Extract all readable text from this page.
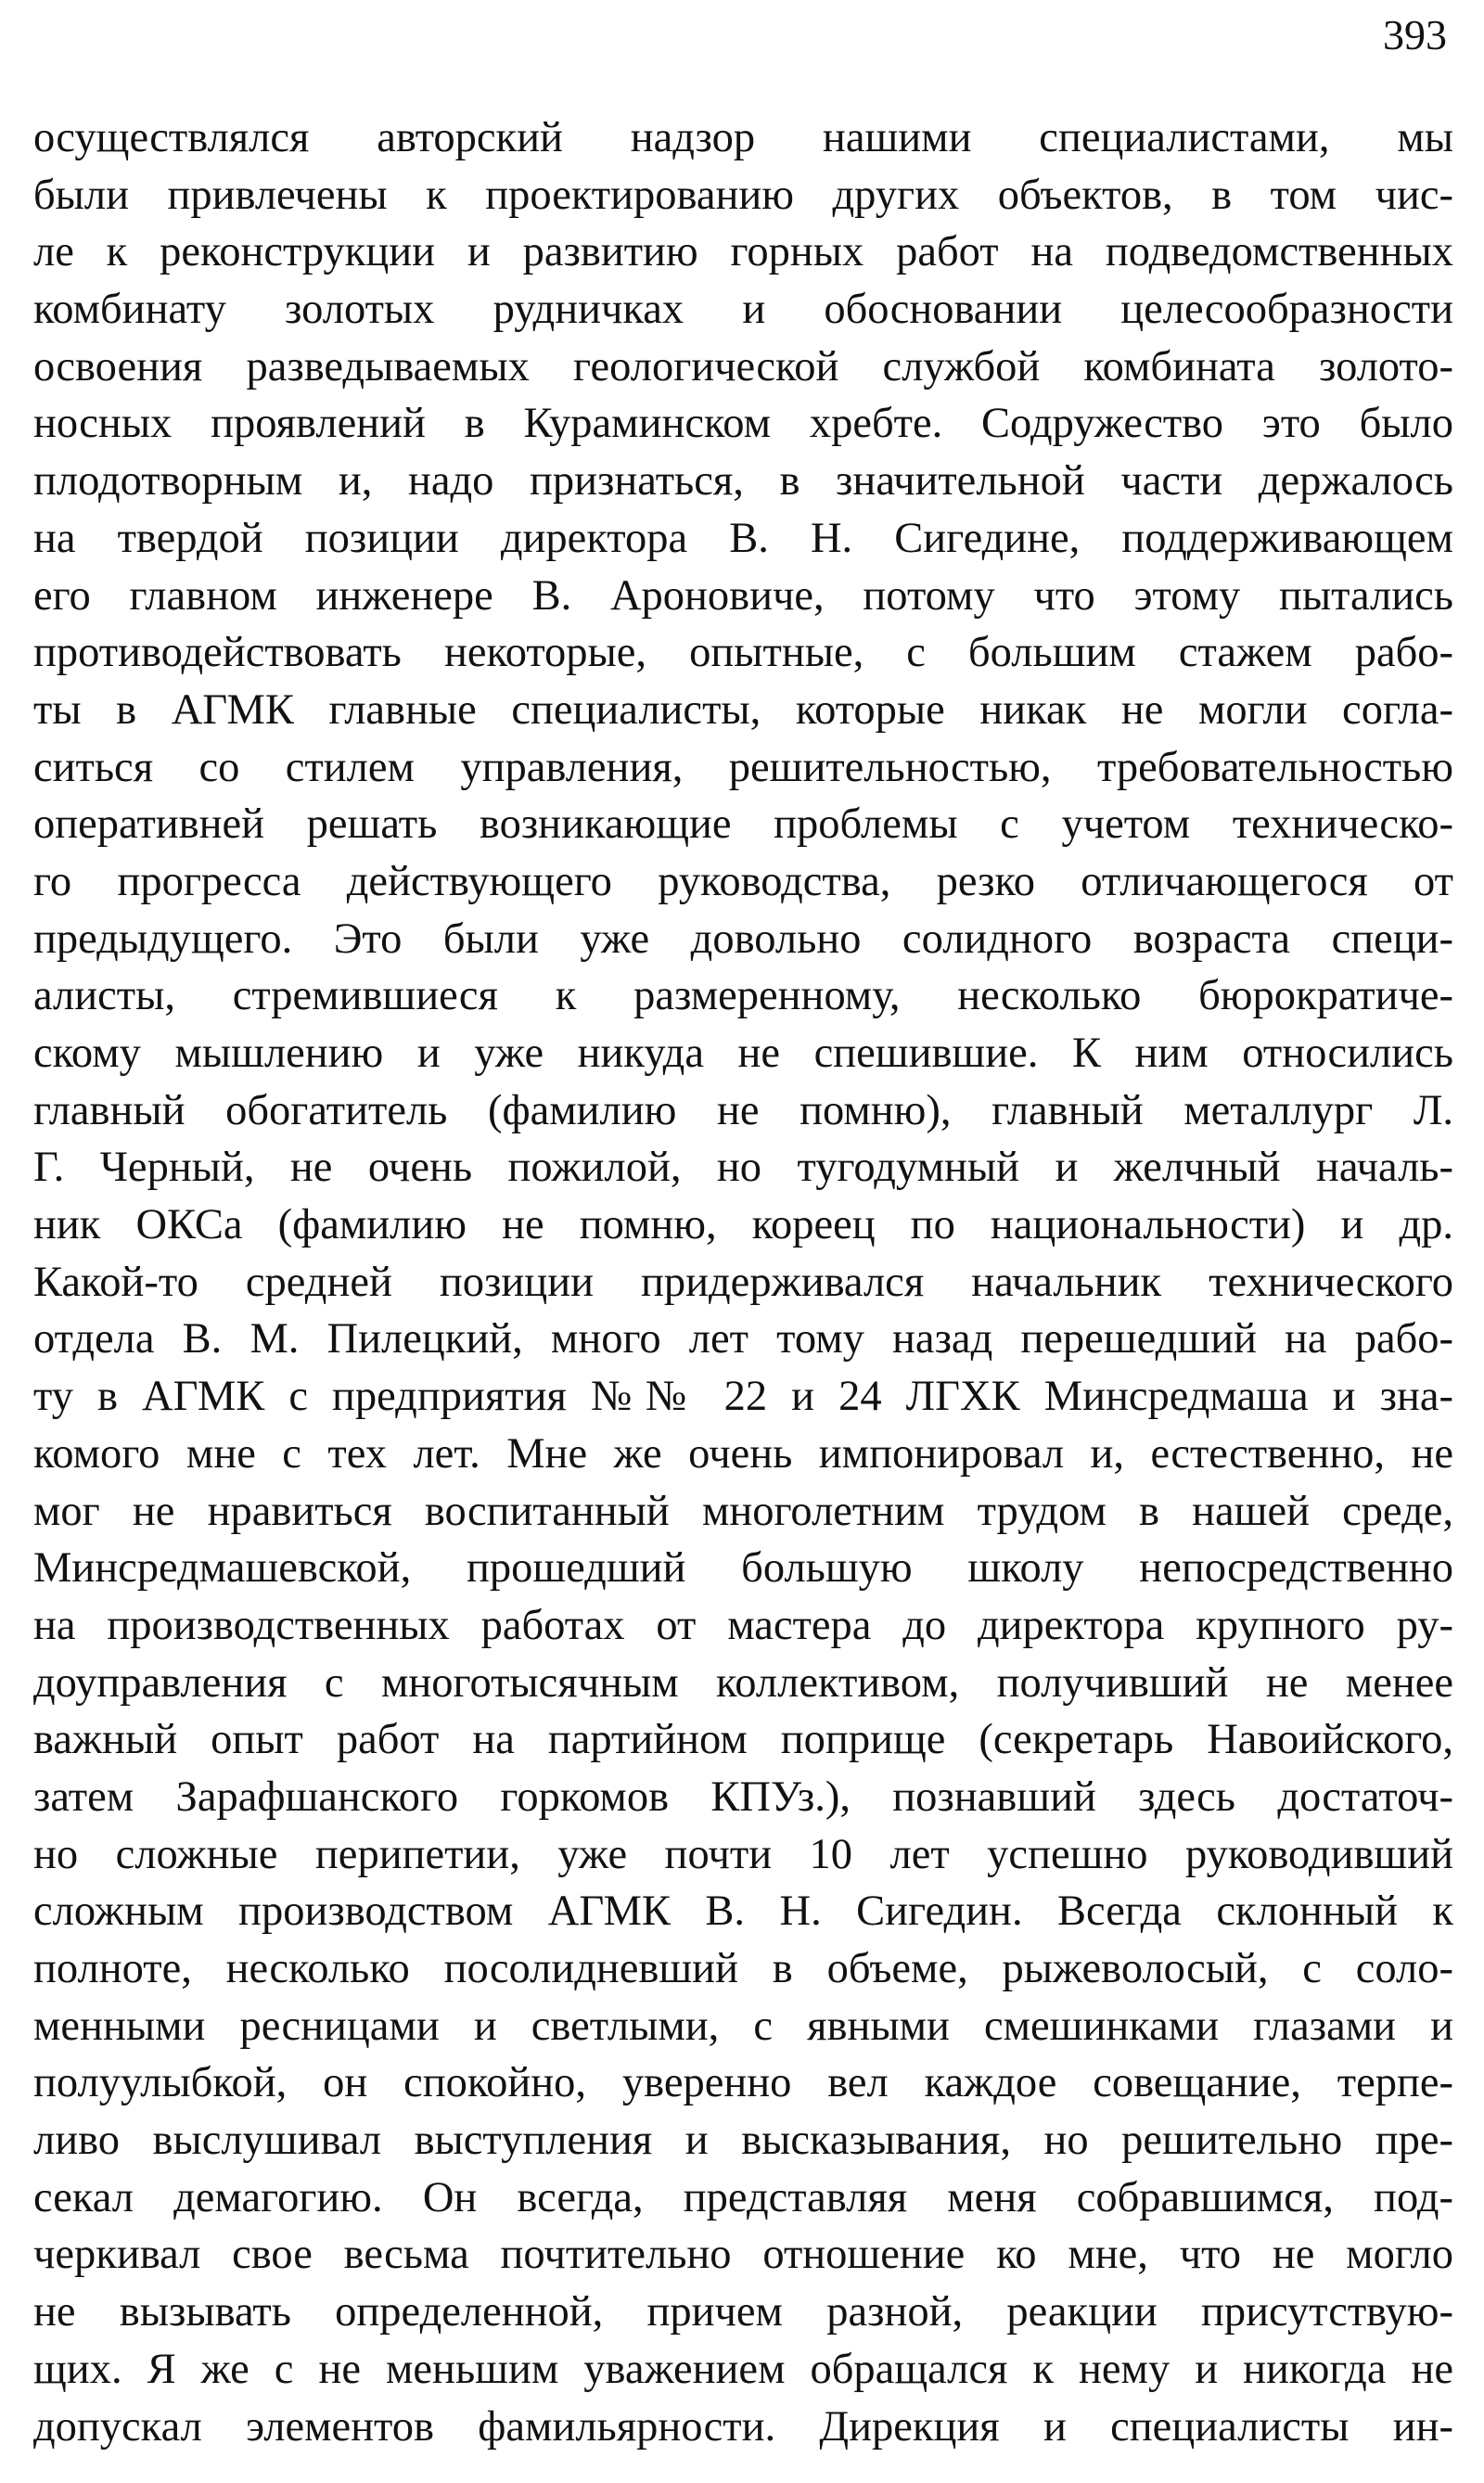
393
осуществлялся авторский надзор нашими специалистами, мы
были привлечены к проектированию других объектов, в том чис-
ле к реконструкции и развитию горных работ на подведомственных
комбинату золотых рудничках и обосновании целесообразности
освоения разведываемых геологической службой комбината золото-
носных проявлений в Кураминском хребте. Содружество это было
плодотворным и, надо признаться, в значительной части держалось
на твердой позиции директора В. Н. Сигедине, поддерживающем
его главном инженере В. Ароновиче, потому что этому пытались
противодействовать некоторые, опытные, с большим стажем рабо-
ты в АГМК главные специалисты, которые никак не могли согла-
ситься со стилем управления, решительностью, требовательностью
оперативней решать возникающие проблемы с учетом техническо-
го прогресса действующего руководства, резко отличающегося от
предыдущего. Это были уже довольно солидного возраста специ-
алисты, стремившиеся к размеренному, несколько бюрократиче-
скому мышлению и уже никуда не спешившие. К ним относились
главный обогатитель (фамилию не помню), главный металлург Л.
Г. Черный, не очень пожилой, но тугодумный и желчный началь-
ник ОКСа (фамилию не помню, кореец по национальности) и др.
Какой-то средней позиции придерживался начальник технического
отдела В. М. Пилецкий, много лет тому назад перешедший на рабо-
ту в АГМК с предприятия №№ 22 и 24 ЛГХК Минсредмаша и зна-
комого мне с тех лет. Мне же очень импонировал и, естественно, не
мог не нравиться воспитанный многолетним трудом в нашей среде,
Минсредмашевской, прошедший большую школу непосредственно
на производственных работах от мастера до директора крупного ру-
доуправления с многотысячным коллективом, получивший не менее
важный опыт работ на партийном поприще (секретарь Навоийского,
затем Зарафшанского горкомов КПУз.), познавший здесь достаточ-
но сложные перипетии, уже почти 10 лет успешно руководивший
сложным производством АГМК В. Н. Сигедин. Всегда склонный к
полноте, несколько посолидневший в объеме, рыжеволосый, с соло-
менными ресницами и светлыми, с явными смешинками глазами и
полуулыбкой, он спокойно, уверенно вел каждое совещание, терпе-
ливо выслушивал выступления и высказывания, но решительно пре-
секал демагогию. Он всегда, представляя меня собравшимся, под-
черкивал свое весьма почтительно отношение ко мне, что не могло
не вызывать определенной, причем разной, реакции присутствую-
щих. Я же с не меньшим уважением обращался к нему и никогда не
допускал элементов фамильярности. Дирекция и специалисты ин-
